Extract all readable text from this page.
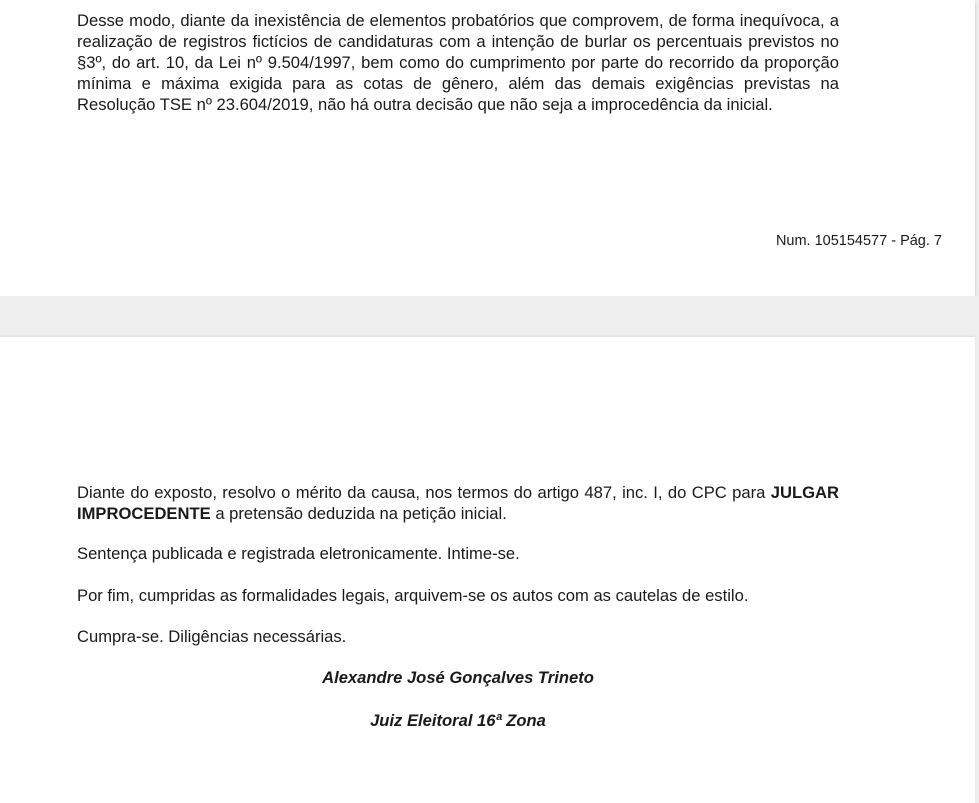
Desse modo, diante da inexistência de elementos probatórios que comprovem, de forma inequívoca, a realização de registros fictícios de candidaturas com a intenção de burlar os percentuais previstos no §3º, do art. 10, da Lei nº 9.504/1997, bem como do cumprimento por parte do recorrido da proporção mínima e máxima exigida para as cotas de gênero, além das demais exigências previstas na Resolução TSE nº 23.604/2019, não há outra decisão que não seja a improcedência da inicial.

Num. 105154577 - Pág. 7

Diante do exposto, resolvo o mérito da causa, nos termos do artigo 487, inc. I, do CPC para JULGAR IMPROCEDENTE a pretensão deduzida na petição inicial.

Sentença publicada e registrada eletronicamente. Intime-se.

Por fim, cumpridas as formalidades legais, arquivem-se os autos com as cautelas de estilo.

Cumpra-se. Diligências necessárias.

Alexandre José Gonçalves Trineto

Juiz Eleitoral 16ª Zona
